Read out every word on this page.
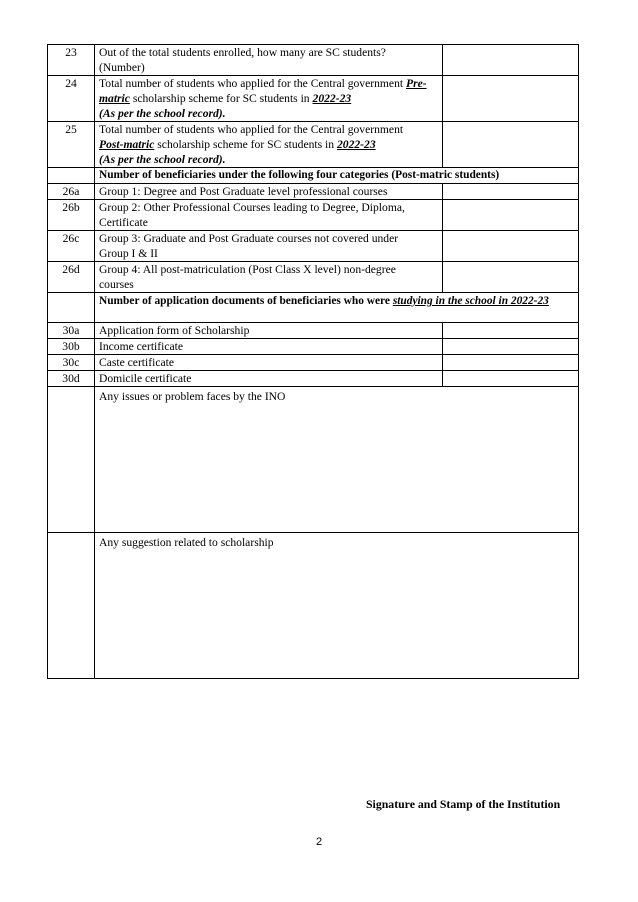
23	Out of the total students enrolled, how many are SC students?
(Number)	

24	Total number of students who applied for the Central government Pre-
matric scholarship scheme for SC students in 2022-23
(As per the school record).	
25	Total number of students who applied for the Central government
Post-matric scholarship scheme for SC students in 2022-23
(As per the school record).	
	Number of beneficiaries under the following four categories (Post-matric students)	
26a	Group 1: Degree and Post Graduate level professional courses	
26b	Group 2: Other Professional Courses leading to Degree, Diploma,
Certificate	

26c	Group 3: Graduate and Post Graduate courses not covered under
Group I & II	

26d	Group 4: All post-matriculation (Post Class X level) non-degree
courses	

	Number of application documents of beneficiaries who were studying in the school in 2022-23	
30a	Application form of Scholarship	
30b	Income certificate	
30c	Caste certificate	
30d	Domicile certificate	

	Any issues or problem faces by the INO	

	Any suggestion related to scholarship	
Signature and Stamp of the Institution
2
